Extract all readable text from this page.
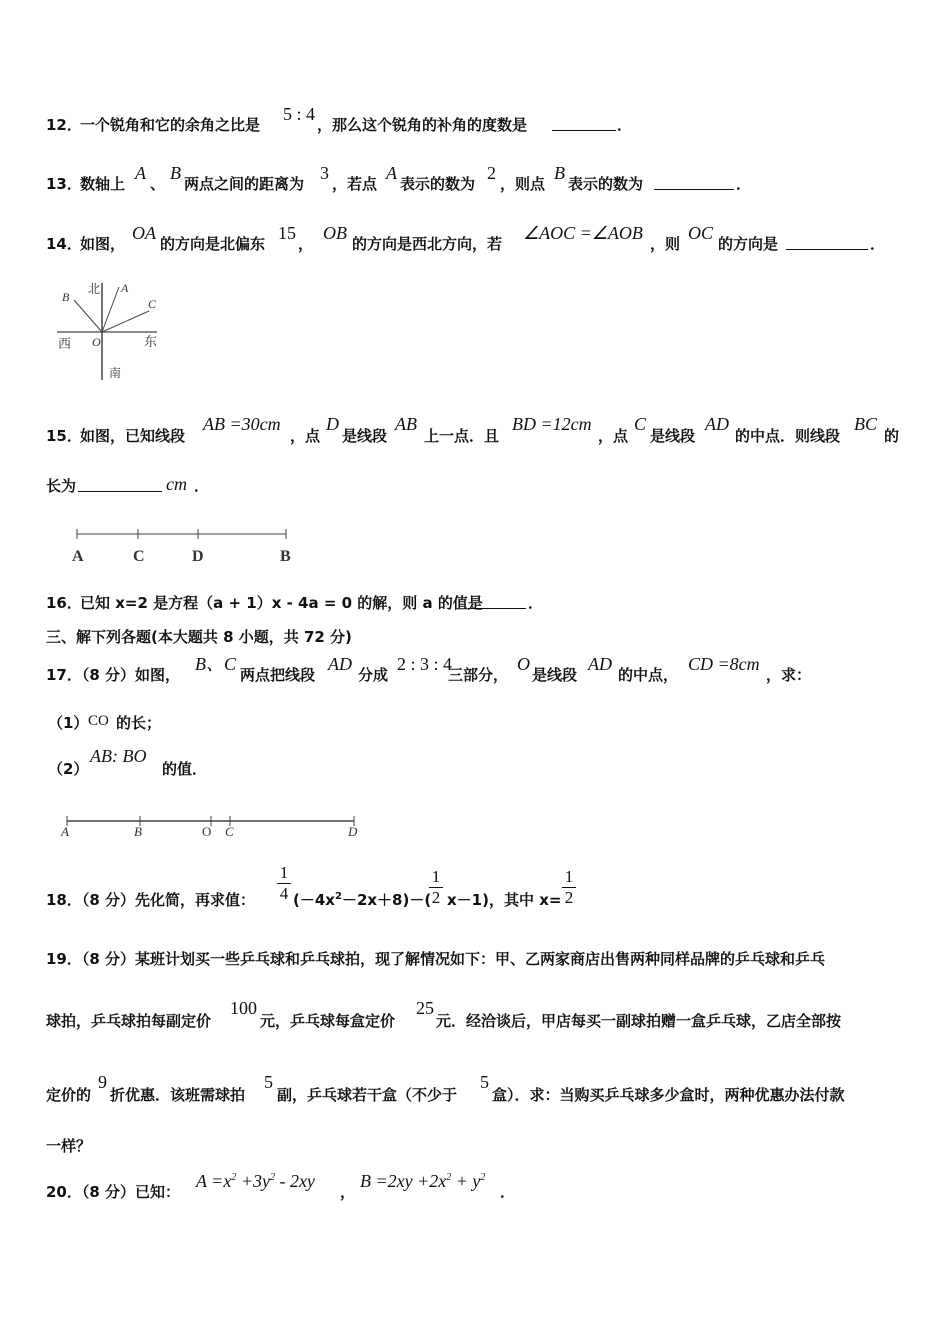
12．
一个锐角和它的余角之比是
5 : 4
，那么这个锐角的补角的度数是	．
13．
数轴上
A
、
B
两点之间的距离为
3
，若点
A
表示的数为
2
，则点
B
表示的数为	．
14．
如图，
OA
的方向是北偏东
15
，
OB
的方向是西北方向，若
∠AOC =∠AOB
，则
OC
的方向是	．
北
南
西	东
A
B	C
O
15．
如图，已知线段
AB =30cm
，点
D
是线段
AB
上一点．且
BD =12cm
，点
C
是线段
AD
的中点．则线段
BC
的
长为	cm ．
A	C	D	B
16．
已知 x=2 是方程（a + 1）x - 4a = 0 的解，则 a 的值是	．
三、解下列各题(本大题共 8 小题，共 72 分)
17．（8 分）如图，
B、C
两点把线段
AD
分成
2 : 3 : 4
三部分，
O
是线段
AD
的中点，
CD =8cm
，求：
（1） CO 的长；
（2）
AB: BO
的值．
A	B	O C	D
18．（8 分）先化简，再求值：
1
4 $(-4x^2-2x+8)-$(
1
2 x－1)，其中 x=
1
2
19．（8 分）某班计划买一些乒乓球和乒乓球拍，现了解情况如下：甲、乙两家商店出售两种同样品牌的乒乓球和乒乓
球拍，乒乓球拍每副定价
100
元，乒乓球每盒定价
25
元．经洽谈后，甲店每买一副球拍赠一盒乒乓球，乙店全部按
定价的
9
折优惠．该班需球拍
5
副，乒乓球若干盒（不少于
5
盒）．求：当购买乒乓球多少盒时，两种优惠办法付款
一样？
20．（8 分）已知：
$A =x^2 +3y^2 - 2xy$
，
$B =2xy +2x^2 + y^2$
．
